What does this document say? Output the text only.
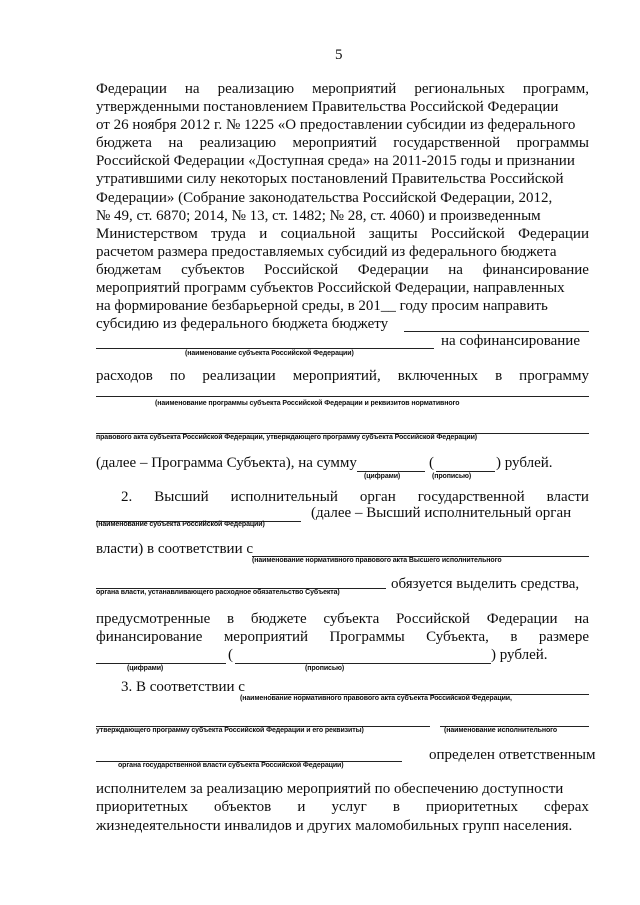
5
Федерации на реализацию мероприятий региональных программ,
утвержденными постановлением Правительства Российской Федерации
от 26 ноября 2012 г. № 1225 «О предоставлении субсидии из федерального
бюджета на реализацию мероприятий государственной программы
Российской Федерации «Доступная среда» на 2011-2015 годы и признании
утратившими силу некоторых постановлений Правительства Российской
Федерации» (Собрание законодательства Российской Федерации, 2012,
№ 49, ст. 6870; 2014, № 13, ст. 1482; № 28, ст. 4060) и произведенным
Министерством труда и социальной защиты Российской Федерации
расчетом размера предоставляемых субсидий из федерального бюджета
бюджетам субъектов Российской Федерации на финансирование
мероприятий программ субъектов Российской Федерации, направленных
на формирование безбарьерной среды, в 201__ году просим направить
субсидию из федерального бюджета бюджету
на софинансирование
(наименование субъекта Российской Федерации)
расходов по реализации мероприятий, включенных в программу
(наименование программы субъекта Российской Федерации и реквизитов нормативного
правового акта субъекта Российской Федерации, утверждающего программу субъекта Российской Федерации)
(далее – Программа Субъекта), на сумму	(	) рублей.
(цифрами)	(прописью)
2. Высший исполнительный орган государственной власти
(далее – Высший исполнительный орган
(наименование субъекта Российской Федерации)
власти) в соответствии с
(наименование нормативного правового акта Высшего исполнительного
органа власти, устанавливающего расходное обязательство Субъекта)
обязуется выделить средства,
предусмотренные в бюджете субъекта Российской Федерации на
финансирование мероприятий Программы Субъекта, в размере
(	) рублей.
(цифрами)	(прописью)
3. В соответствии с
(наименование нормативного правового акта субъекта Российской Федерации,
утверждающего программу субъекта Российской Федерации и его реквизиты)	(наименование исполнительного
органа государственной власти субъекта Российской Федерации)
определен ответственным
исполнителем за реализацию мероприятий по обеспечению доступности
приоритетных объектов и услуг в приоритетных сферах
жизнедеятельности инвалидов и других маломобильных групп населения.
